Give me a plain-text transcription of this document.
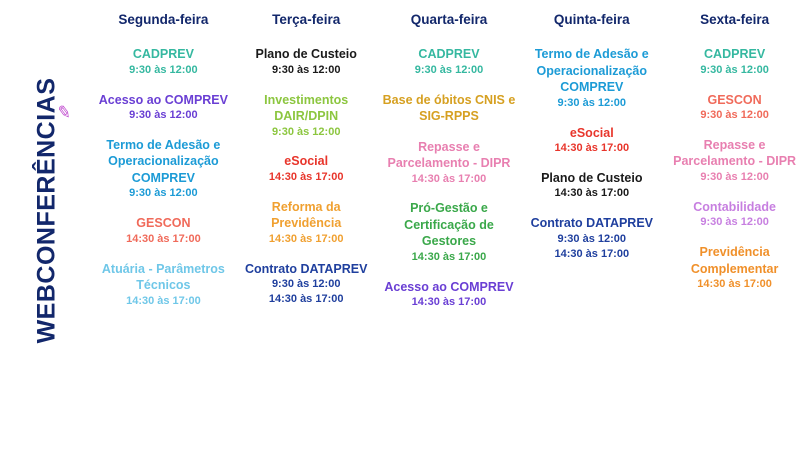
✎
WEBCONFERÊNCIAS
Segunda-feira
CADPREV
9:30 às 12:00
Acesso ao COMPREV
9:30 às 12:00
Termo de Adesão e Operacionalização COMPREV
9:30 às 12:00
GESCON
14:30 às 17:00
Atuária - Parâmetros Técnicos
14:30 às 17:00
Terça-feira
Plano de Custeio
9:30 às 12:00
Investimentos DAIR/DPIN
9:30 às 12:00
eSocial
14:30 às 17:00
Reforma da Previdência
14:30 às 17:00
Contrato DATAPREV
9:30 às 12:00
14:30 às 17:00
Quarta-feira
CADPREV
9:30 às 12:00
Base de óbitos CNIS e SIG-RPPS
Repasse e Parcelamento - DIPR
14:30 às 17:00
Pró-Gestão e Certificação de Gestores
14:30 às 17:00
Acesso ao COMPREV
14:30 às 17:00
Quinta-feira
Termo de Adesão e Operacionalização COMPREV
9:30 às 12:00
eSocial
14:30 às 17:00
Plano de Custeio
14:30 às 17:00
Contrato DATAPREV
9:30 às 12:00
14:30 às 17:00
Sexta-feira
CADPREV
9:30 às 12:00
GESCON
9:30 às 12:00
Repasse e Parcelamento - DIPR
9:30 às 12:00
Contabilidade
9:30 às 12:00
Previdência Complementar
14:30 às 17:00
